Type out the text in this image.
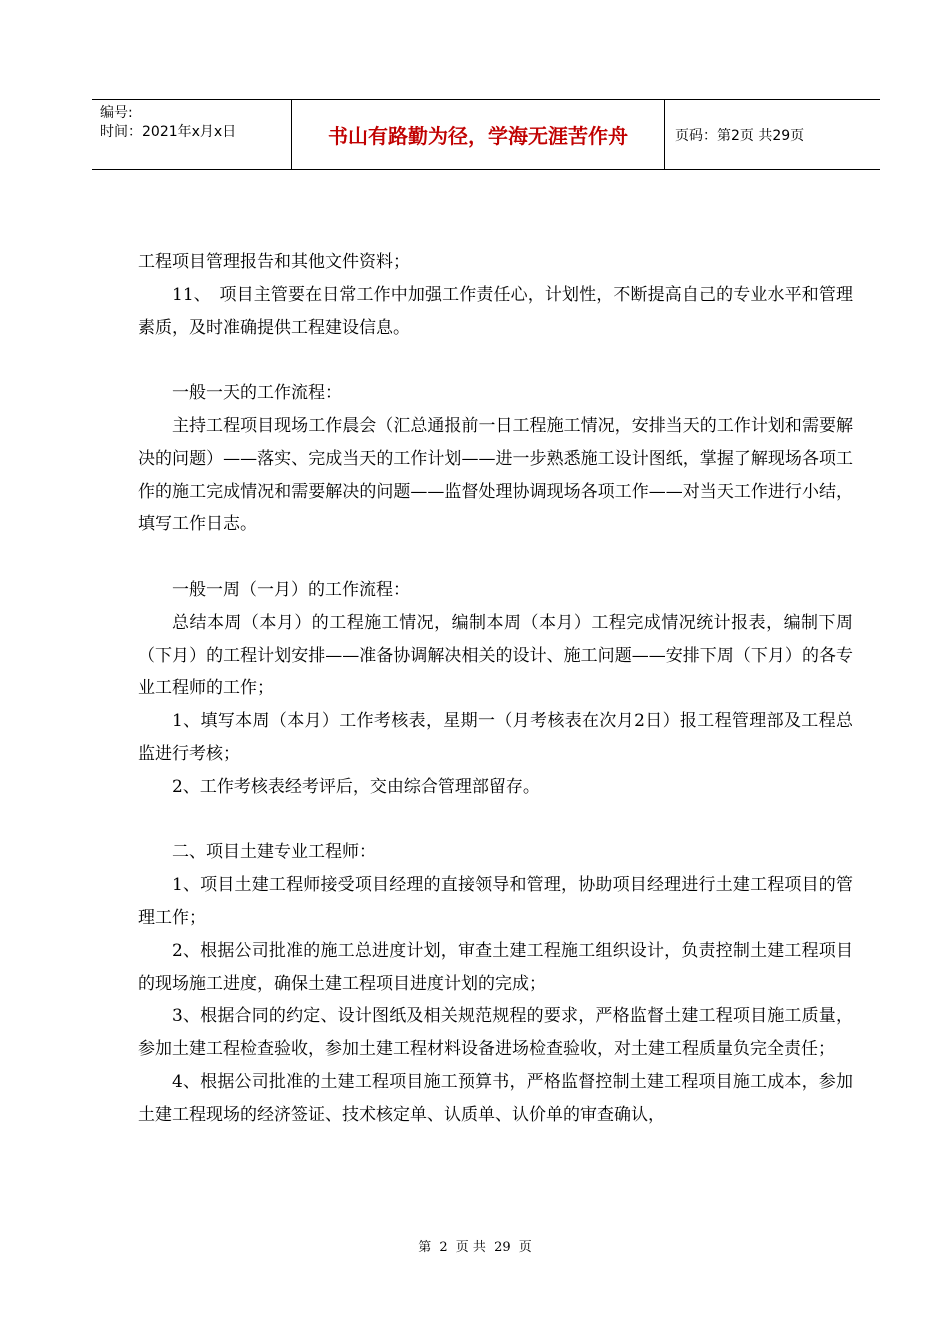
编号:
时间：2021年x月x日	书山有路勤为径，学海无涯苦作舟	页码：第2页 共29页

工程项目管理报告和其他文件资料；

11、　项目主管要在日常工作中加强工作责任心，计划性，不断提高自己的专业水平和管理素质，及时准确提供工程建设信息。

一般一天的工作流程：

主持工程项目现场工作晨会（汇总通报前一日工程施工情况，安排当天的工作计划和需要解决的问题）——落实、完成当天的工作计划——进一步熟悉施工设计图纸，掌握了解现场各项工作的施工完成情况和需要解决的问题——监督处理协调现场各项工作——对当天工作进行小结，填写工作日志。

一般一周（一月）的工作流程：

总结本周（本月）的工程施工情况，编制本周（本月）工程完成情况统计报表，编制下周（下月）的工程计划安排——准备协调解决相关的设计、施工问题——安排下周（下月）的各专业工程师的工作；

1、填写本周（本月）工作考核表，星期一（月考核表在次月2日）报工程管理部及工程总监进行考核；

2、工作考核表经考评后，交由综合管理部留存。

二、项目土建专业工程师：

1、项目土建工程师接受项目经理的直接领导和管理，协助项目经理进行土建工程项目的管理工作；

2、根据公司批准的施工总进度计划，审查土建工程施工组织设计，负责控制土建工程项目的现场施工进度，确保土建工程项目进度计划的完成；

3、根据合同的约定、设计图纸及相关规范规程的要求，严格监督土建工程项目施工质量，参加土建工程检查验收，参加土建工程材料设备进场检查验收，对土建工程质量负完全责任；

4、根据公司批准的土建工程项目施工预算书，严格监督控制土建工程项目施工成本，参加土建工程现场的经济签证、技术核定单、认质单、认价单的审查确认，

第 2 页 共 29 页
